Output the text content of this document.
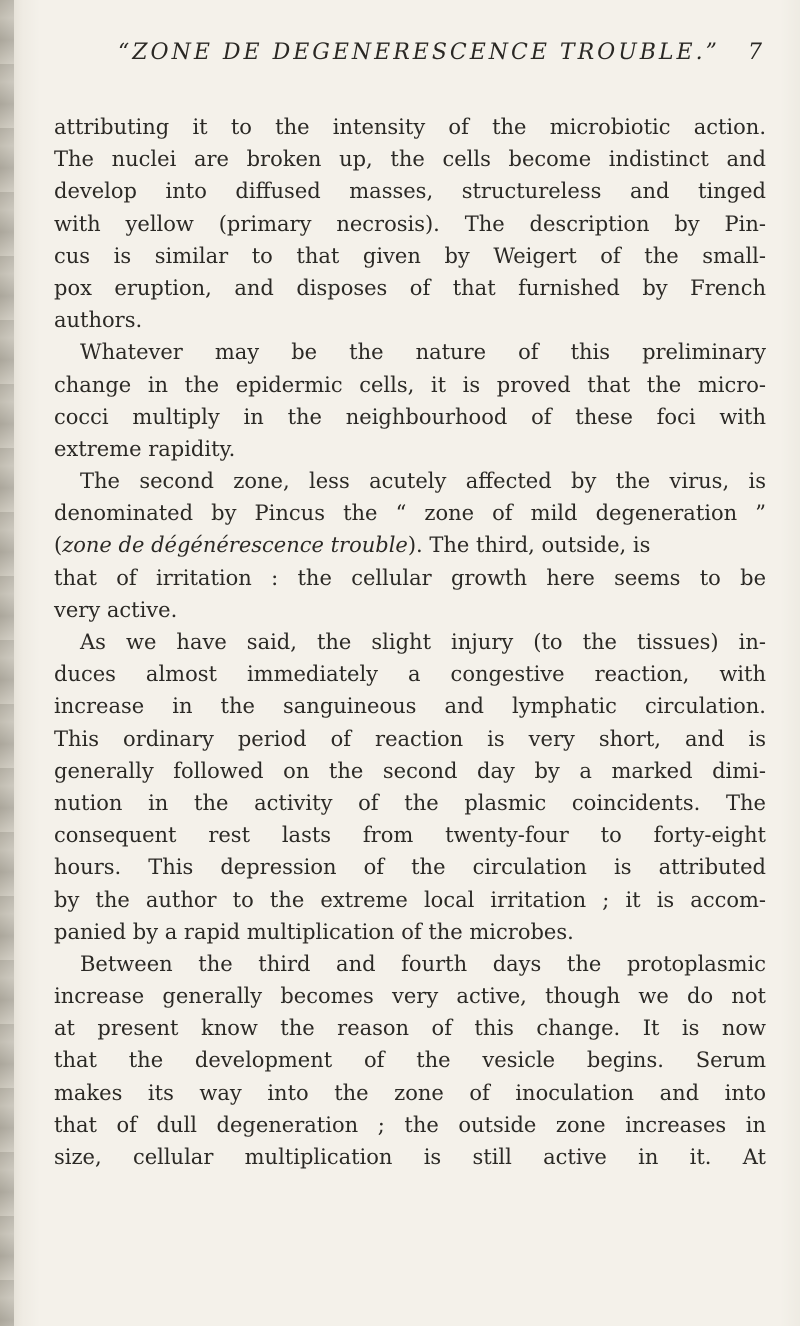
“ZONE DE DEGENERESCENCE TROUBLE.” 7
attributing it to the intensity of the microbiotic action.
The nuclei are broken up, the cells become indistinct and
develop into diffused masses, structureless and tinged
with yellow (primary necrosis). The description by Pin-
cus is similar to that given by Weigert of the small-
pox eruption, and disposes of that furnished by French
authors.
Whatever may be the nature of this preliminary
change in the epidermic cells, it is proved that the micro-
cocci multiply in the neighbourhood of these foci with
extreme rapidity.
The second zone, less acutely affected by the virus, is
denominated by Pincus the “ zone of mild degeneration ”
(zone de dégénérescence trouble). The third, outside, is
that of irritation : the cellular growth here seems to be
very active.
As we have said, the slight injury (to the tissues) in-
duces almost immediately a congestive reaction, with
increase in the sanguineous and lymphatic circulation.
This ordinary period of reaction is very short, and is
generally followed on the second day by a marked dimi-
nution in the activity of the plasmic coincidents. The
consequent rest lasts from twenty-four to forty-eight
hours. This depression of the circulation is attributed
by the author to the extreme local irritation ; it is accom-
panied by a rapid multiplication of the microbes.
Between the third and fourth days the protoplasmic
increase generally becomes very active, though we do not
at present know the reason of this change. It is now
that the development of the vesicle begins. Serum
makes its way into the zone of inoculation and into
that of dull degeneration ; the outside zone increases in
size, cellular multiplication is still active in it. At
